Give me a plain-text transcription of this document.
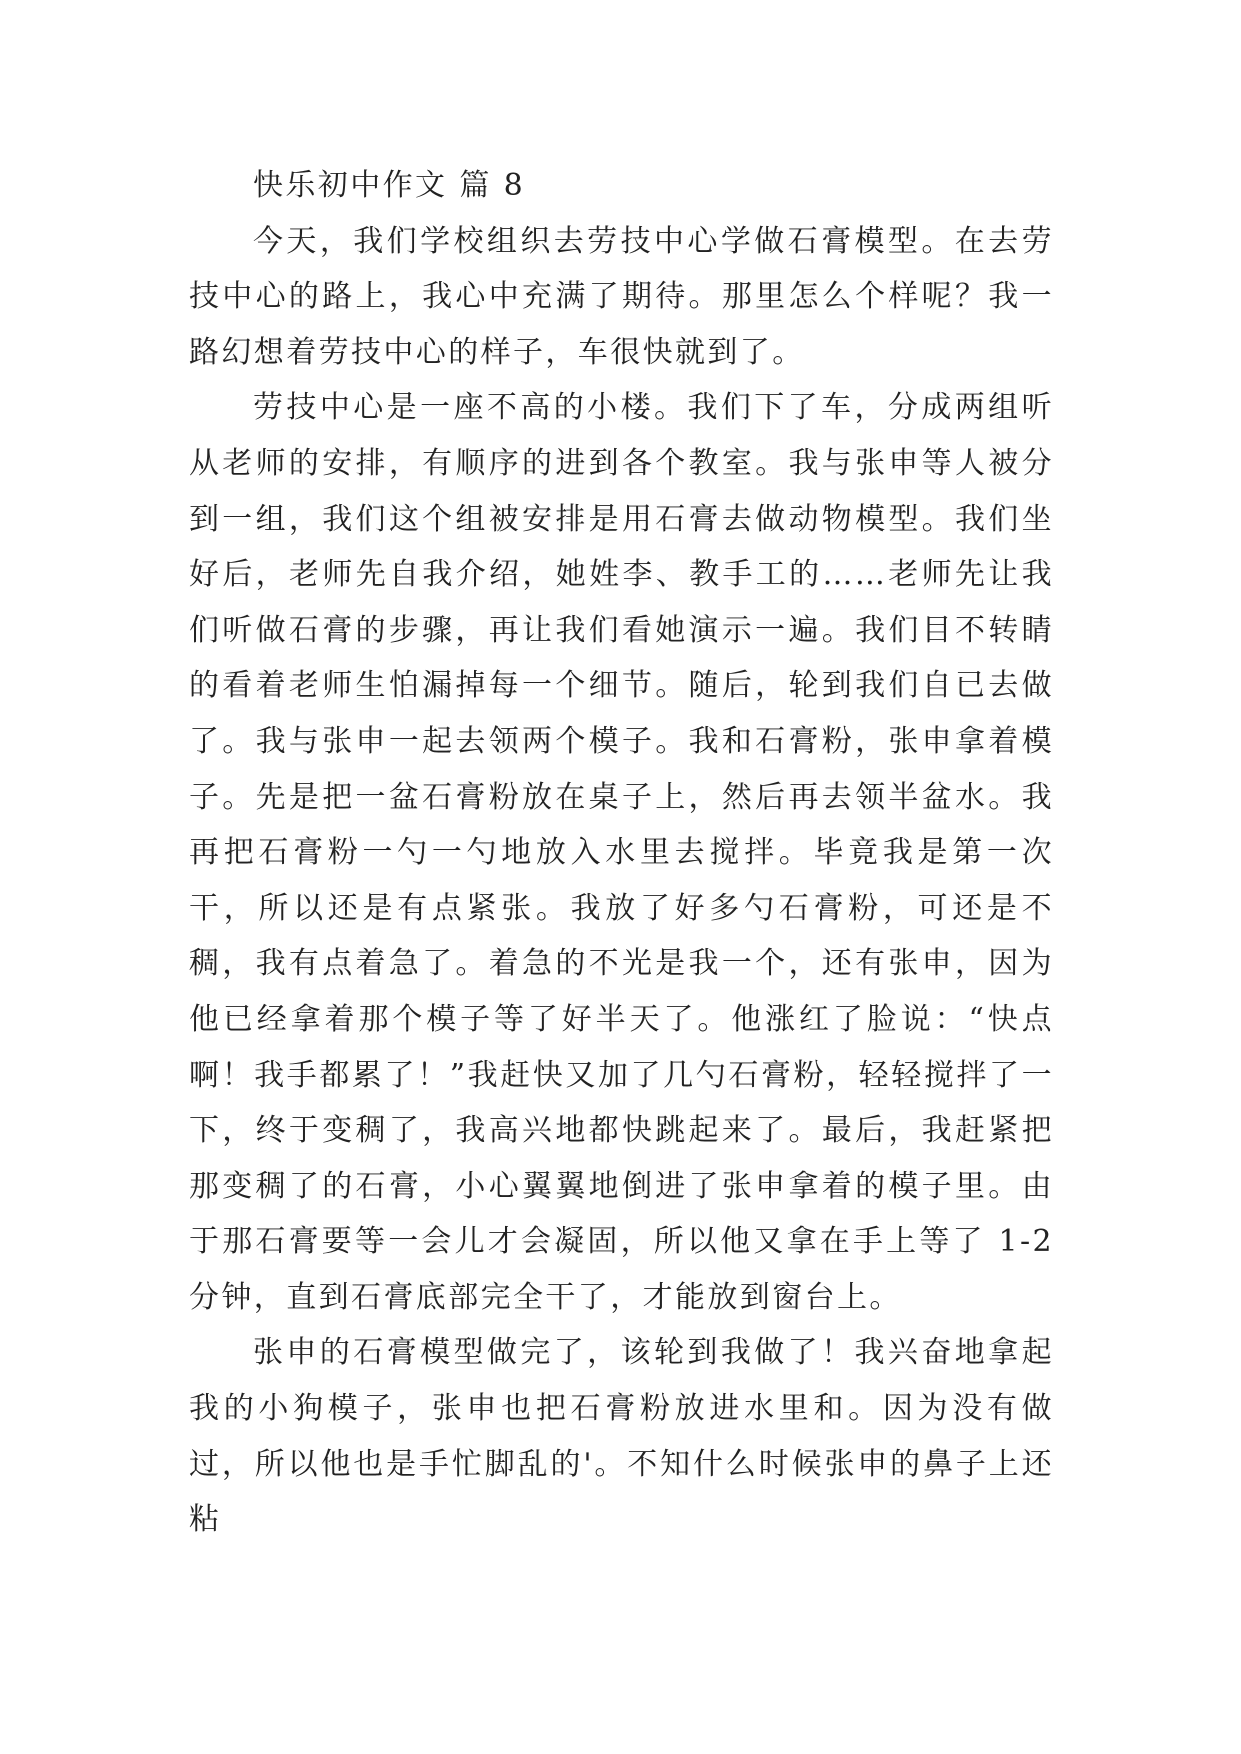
快乐初中作文 篇 8

今天，我们学校组织去劳技中心学做石膏模型。在去劳技中心的路上，我心中充满了期待。那里怎么个样呢？我一路幻想着劳技中心的样子，车很快就到了。

劳技中心是一座不高的小楼。我们下了车，分成两组听从老师的安排，有顺序的进到各个教室。我与张申等人被分到一组，我们这个组被安排是用石膏去做动物模型。我们坐好后，老师先自我介绍，她姓李、教手工的……老师先让我们听做石膏的步骤，再让我们看她演示一遍。我们目不转睛的看着老师生怕漏掉每一个细节。随后，轮到我们自已去做了。我与张申一起去领两个模子。我和石膏粉，张申拿着模子。先是把一盆石膏粉放在桌子上，然后再去领半盆水。我再把石膏粉一勺一勺地放入水里去搅拌。毕竟我是第一次干，所以还是有点紧张。我放了好多勺石膏粉，可还是不稠，我有点着急了。着急的不光是我一个，还有张申，因为他已经拿着那个模子等了好半天了。他涨红了脸说：“快点啊！我手都累了！”我赶快又加了几勺石膏粉，轻轻搅拌了一下，终于变稠了，我高兴地都快跳起来了。最后，我赶紧把那变稠了的石膏，小心翼翼地倒进了张申拿着的模子里。由于那石膏要等一会儿才会凝固，所以他又拿在手上等了 1-2 分钟，直到石膏底部完全干了，才能放到窗台上。

张申的石膏模型做完了，该轮到我做了！我兴奋地拿起我的小狗模子，张申也把石膏粉放进水里和。因为没有做过，所以他也是手忙脚乱的'。不知什么时候张申的鼻子上还粘
